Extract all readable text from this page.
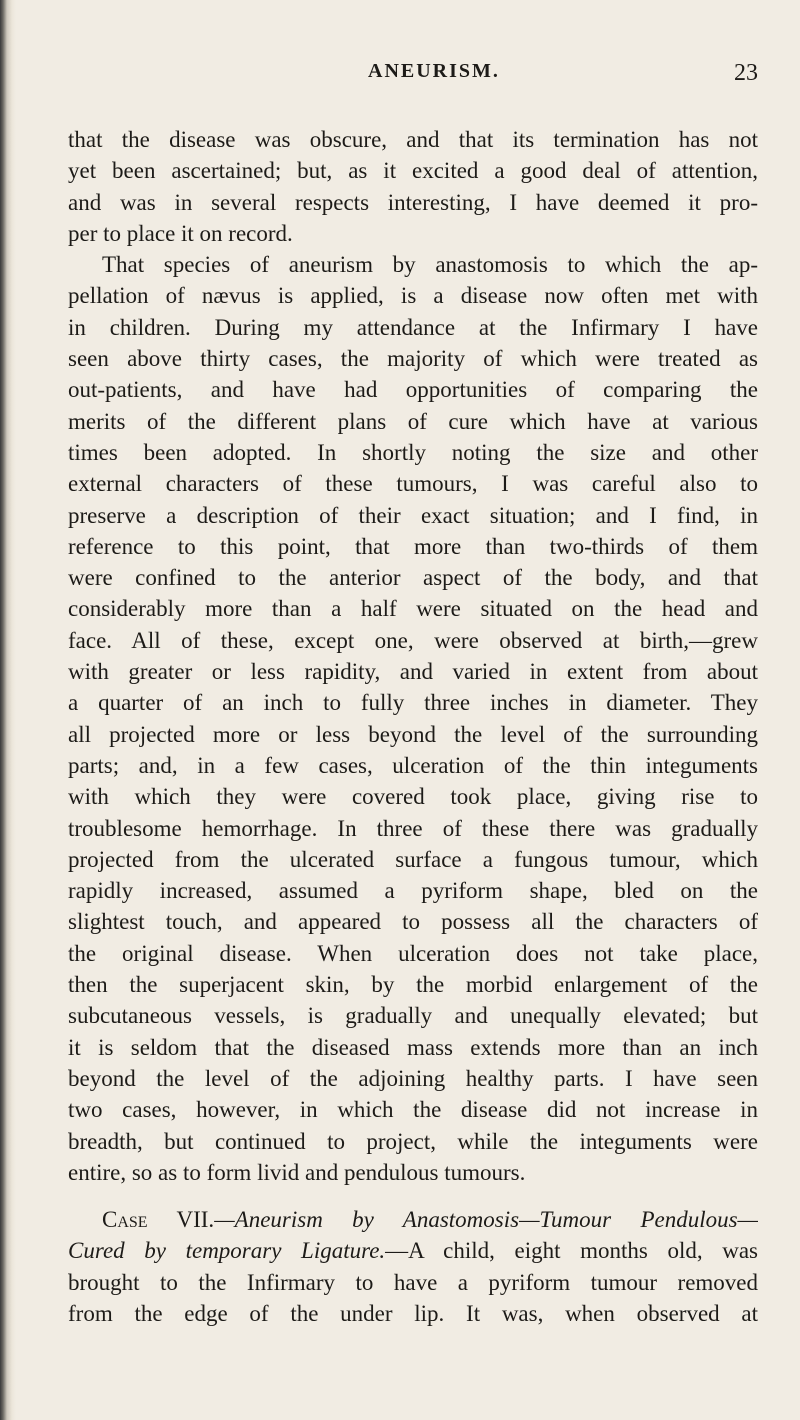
ANEURISM.	23
that the disease was obscure, and that its termination has not
yet been ascertained; but, as it excited a good deal of attention,
and was in several respects interesting, I have deemed it pro-
per to place it on record.
That species of aneurism by anastomosis to which the ap-
pellation of nævus is applied, is a disease now often met with
in children. During my attendance at the Infirmary I have
seen above thirty cases, the majority of which were treated as
out-patients, and have had opportunities of comparing the
merits of the different plans of cure which have at various
times been adopted. In shortly noting the size and other
external characters of these tumours, I was careful also to
preserve a description of their exact situation; and I find, in
reference to this point, that more than two-thirds of them
were confined to the anterior aspect of the body, and that
considerably more than a half were situated on the head and
face. All of these, except one, were observed at birth,—grew
with greater or less rapidity, and varied in extent from about
a quarter of an inch to fully three inches in diameter. They
all projected more or less beyond the level of the surrounding
parts; and, in a few cases, ulceration of the thin integuments
with which they were covered took place, giving rise to
troublesome hemorrhage. In three of these there was gradually
projected from the ulcerated surface a fungous tumour, which
rapidly increased, assumed a pyriform shape, bled on the
slightest touch, and appeared to possess all the characters of
the original disease. When ulceration does not take place,
then the superjacent skin, by the morbid enlargement of the
subcutaneous vessels, is gradually and unequally elevated; but
it is seldom that the diseased mass extends more than an inch
beyond the level of the adjoining healthy parts. I have seen
two cases, however, in which the disease did not increase in
breadth, but continued to project, while the integuments were
entire, so as to form livid and pendulous tumours.
Case VII.—Aneurism by Anastomosis—Tumour Pendulous—
Cured by temporary Ligature.—A child, eight months old, was
brought to the Infirmary to have a pyriform tumour removed
from the edge of the under lip. It was, when observed at
